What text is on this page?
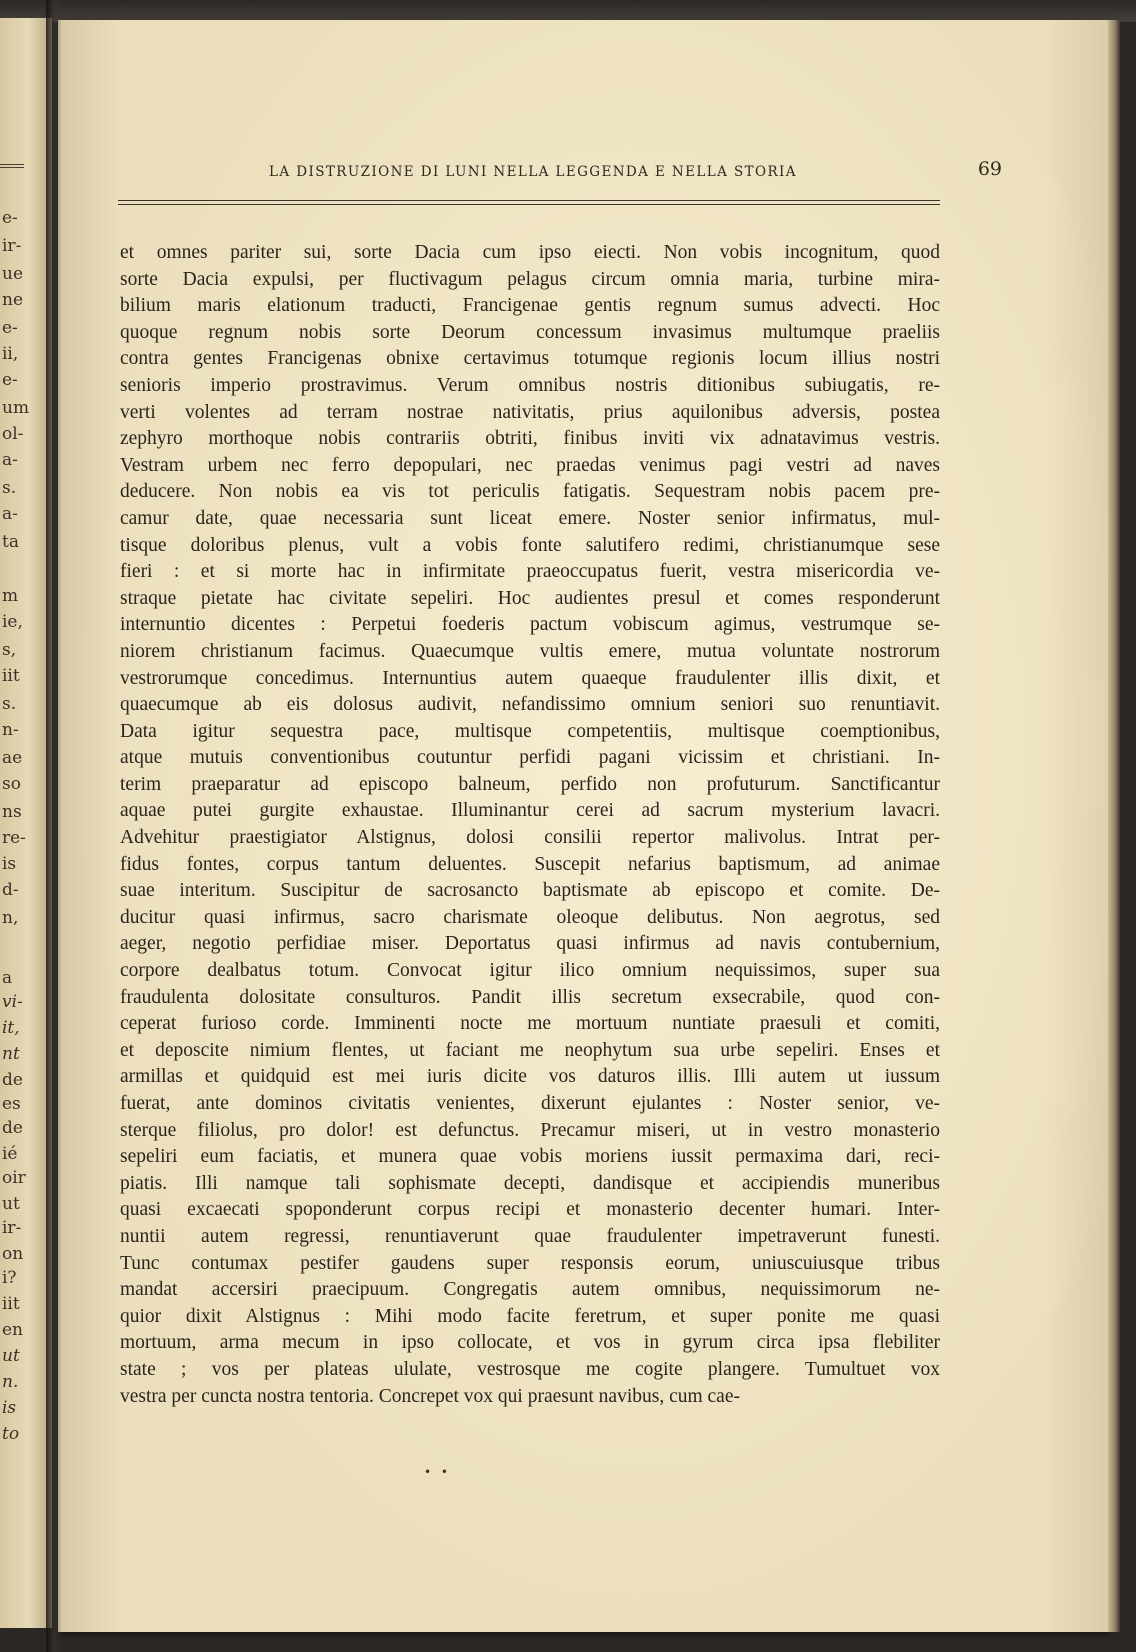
e-
ir-
ue
ne
e-
ii,
e-
um
ol-
a-
s.
a-
ta
m
ie,
s,
iit
s.
n-
ae
so
ns
re-
is
d-
n,
a
vi-
it,
nt
de
es
de
ié
oir
ut
ir-
on
i?
iit
en
ut
n.
is
to
LA DISTRUZIONE DI LUNI NELLA LEGGENDA E NELLA STORIA	69
et omnes pariter sui, sorte Dacia cum ipso eiecti. Non vobis incognitum, quod
sorte Dacia expulsi, per fluctivagum pelagus circum omnia maria, turbine mira-
bilium maris elationum traducti, Francigenae gentis regnum sumus advecti. Hoc
quoque regnum nobis sorte Deorum concessum invasimus multumque praeliis
contra gentes Francigenas obnixe certavimus totumque regionis locum illius nostri
senioris imperio prostravimus. Verum omnibus nostris ditionibus subiugatis, re-
verti volentes ad terram nostrae nativitatis, prius aquilonibus adversis, postea
zephyro morthoque nobis contrariis obtriti, finibus inviti vix adnatavimus vestris.
Vestram urbem nec ferro depopulari, nec praedas venimus pagi vestri ad naves
deducere. Non nobis ea vis tot periculis fatigatis. Sequestram nobis pacem pre-
camur date, quae necessaria sunt liceat emere. Noster senior infirmatus, mul-
tisque doloribus plenus, vult a vobis fonte salutifero redimi, christianumque sese
fieri : et si morte hac in infirmitate praeoccupatus fuerit, vestra misericordia ve-
straque pietate hac civitate sepeliri. Hoc audientes presul et comes responderunt
internuntio dicentes : Perpetui foederis pactum vobiscum agimus, vestrumque se-
niorem christianum facimus. Quaecumque vultis emere, mutua voluntate nostrorum
vestrorumque concedimus. Internuntius autem quaeque fraudulenter illis dixit, et
quaecumque ab eis dolosus audivit, nefandissimo omnium seniori suo renuntiavit.
Data igitur sequestra pace, multisque competentiis, multisque coemptionibus,
atque mutuis conventionibus coutuntur perfidi pagani vicissim et christiani. In-
terim praeparatur ad episcopo balneum, perfido non profuturum. Sanctificantur
aquae putei gurgite exhaustae. Illuminantur cerei ad sacrum mysterium lavacri.
Advehitur praestigiator Alstignus, dolosi consilii repertor malivolus. Intrat per-
fidus fontes, corpus tantum deluentes. Suscepit nefarius baptismum, ad animae
suae interitum. Suscipitur de sacrosancto baptismate ab episcopo et comite. De-
ducitur quasi infirmus, sacro charismate oleoque delibutus. Non aegrotus, sed
aeger, negotio perfidiae miser. Deportatus quasi infirmus ad navis contubernium,
corpore dealbatus totum. Convocat igitur ilico omnium nequissimos, super sua
fraudulenta dolositate consulturos. Pandit illis secretum exsecrabile, quod con-
ceperat furioso corde. Imminenti nocte me mortuum nuntiate praesuli et comiti,
et deposcite nimium flentes, ut faciant me neophytum sua urbe sepeliri. Enses et
armillas et quidquid est mei iuris dicite vos daturos illis. Illi autem ut iussum
fuerat, ante dominos civitatis venientes, dixerunt ejulantes : Noster senior, ve-
sterque filiolus, pro dolor! est defunctus. Precamur miseri, ut in vestro monasterio
sepeliri eum faciatis, et munera quae vobis moriens iussit permaxima dari, reci-
piatis. Illi namque tali sophismate decepti, dandisque et accipiendis muneribus
quasi excaecati spoponderunt corpus recipi et monasterio decenter humari. Inter-
nuntii autem regressi, renuntiaverunt quae fraudulenter impetraverunt funesti.
Tunc contumax pestifer gaudens super responsis eorum, uniuscuiusque tribus
mandat accersiri praecipuum. Congregatis autem omnibus, nequissimorum ne-
quior dixit Alstignus : Mihi modo facite feretrum, et super ponite me quasi
mortuum, arma mecum in ipso collocate, et vos in gyrum circa ipsa flebiliter
state ; vos per plateas ululate, vestrosque me cogite plangere. Tumultuet vox
vestra per cuncta nostra tentoria. Concrepet vox qui praesunt navibus, cum cae-
• •
